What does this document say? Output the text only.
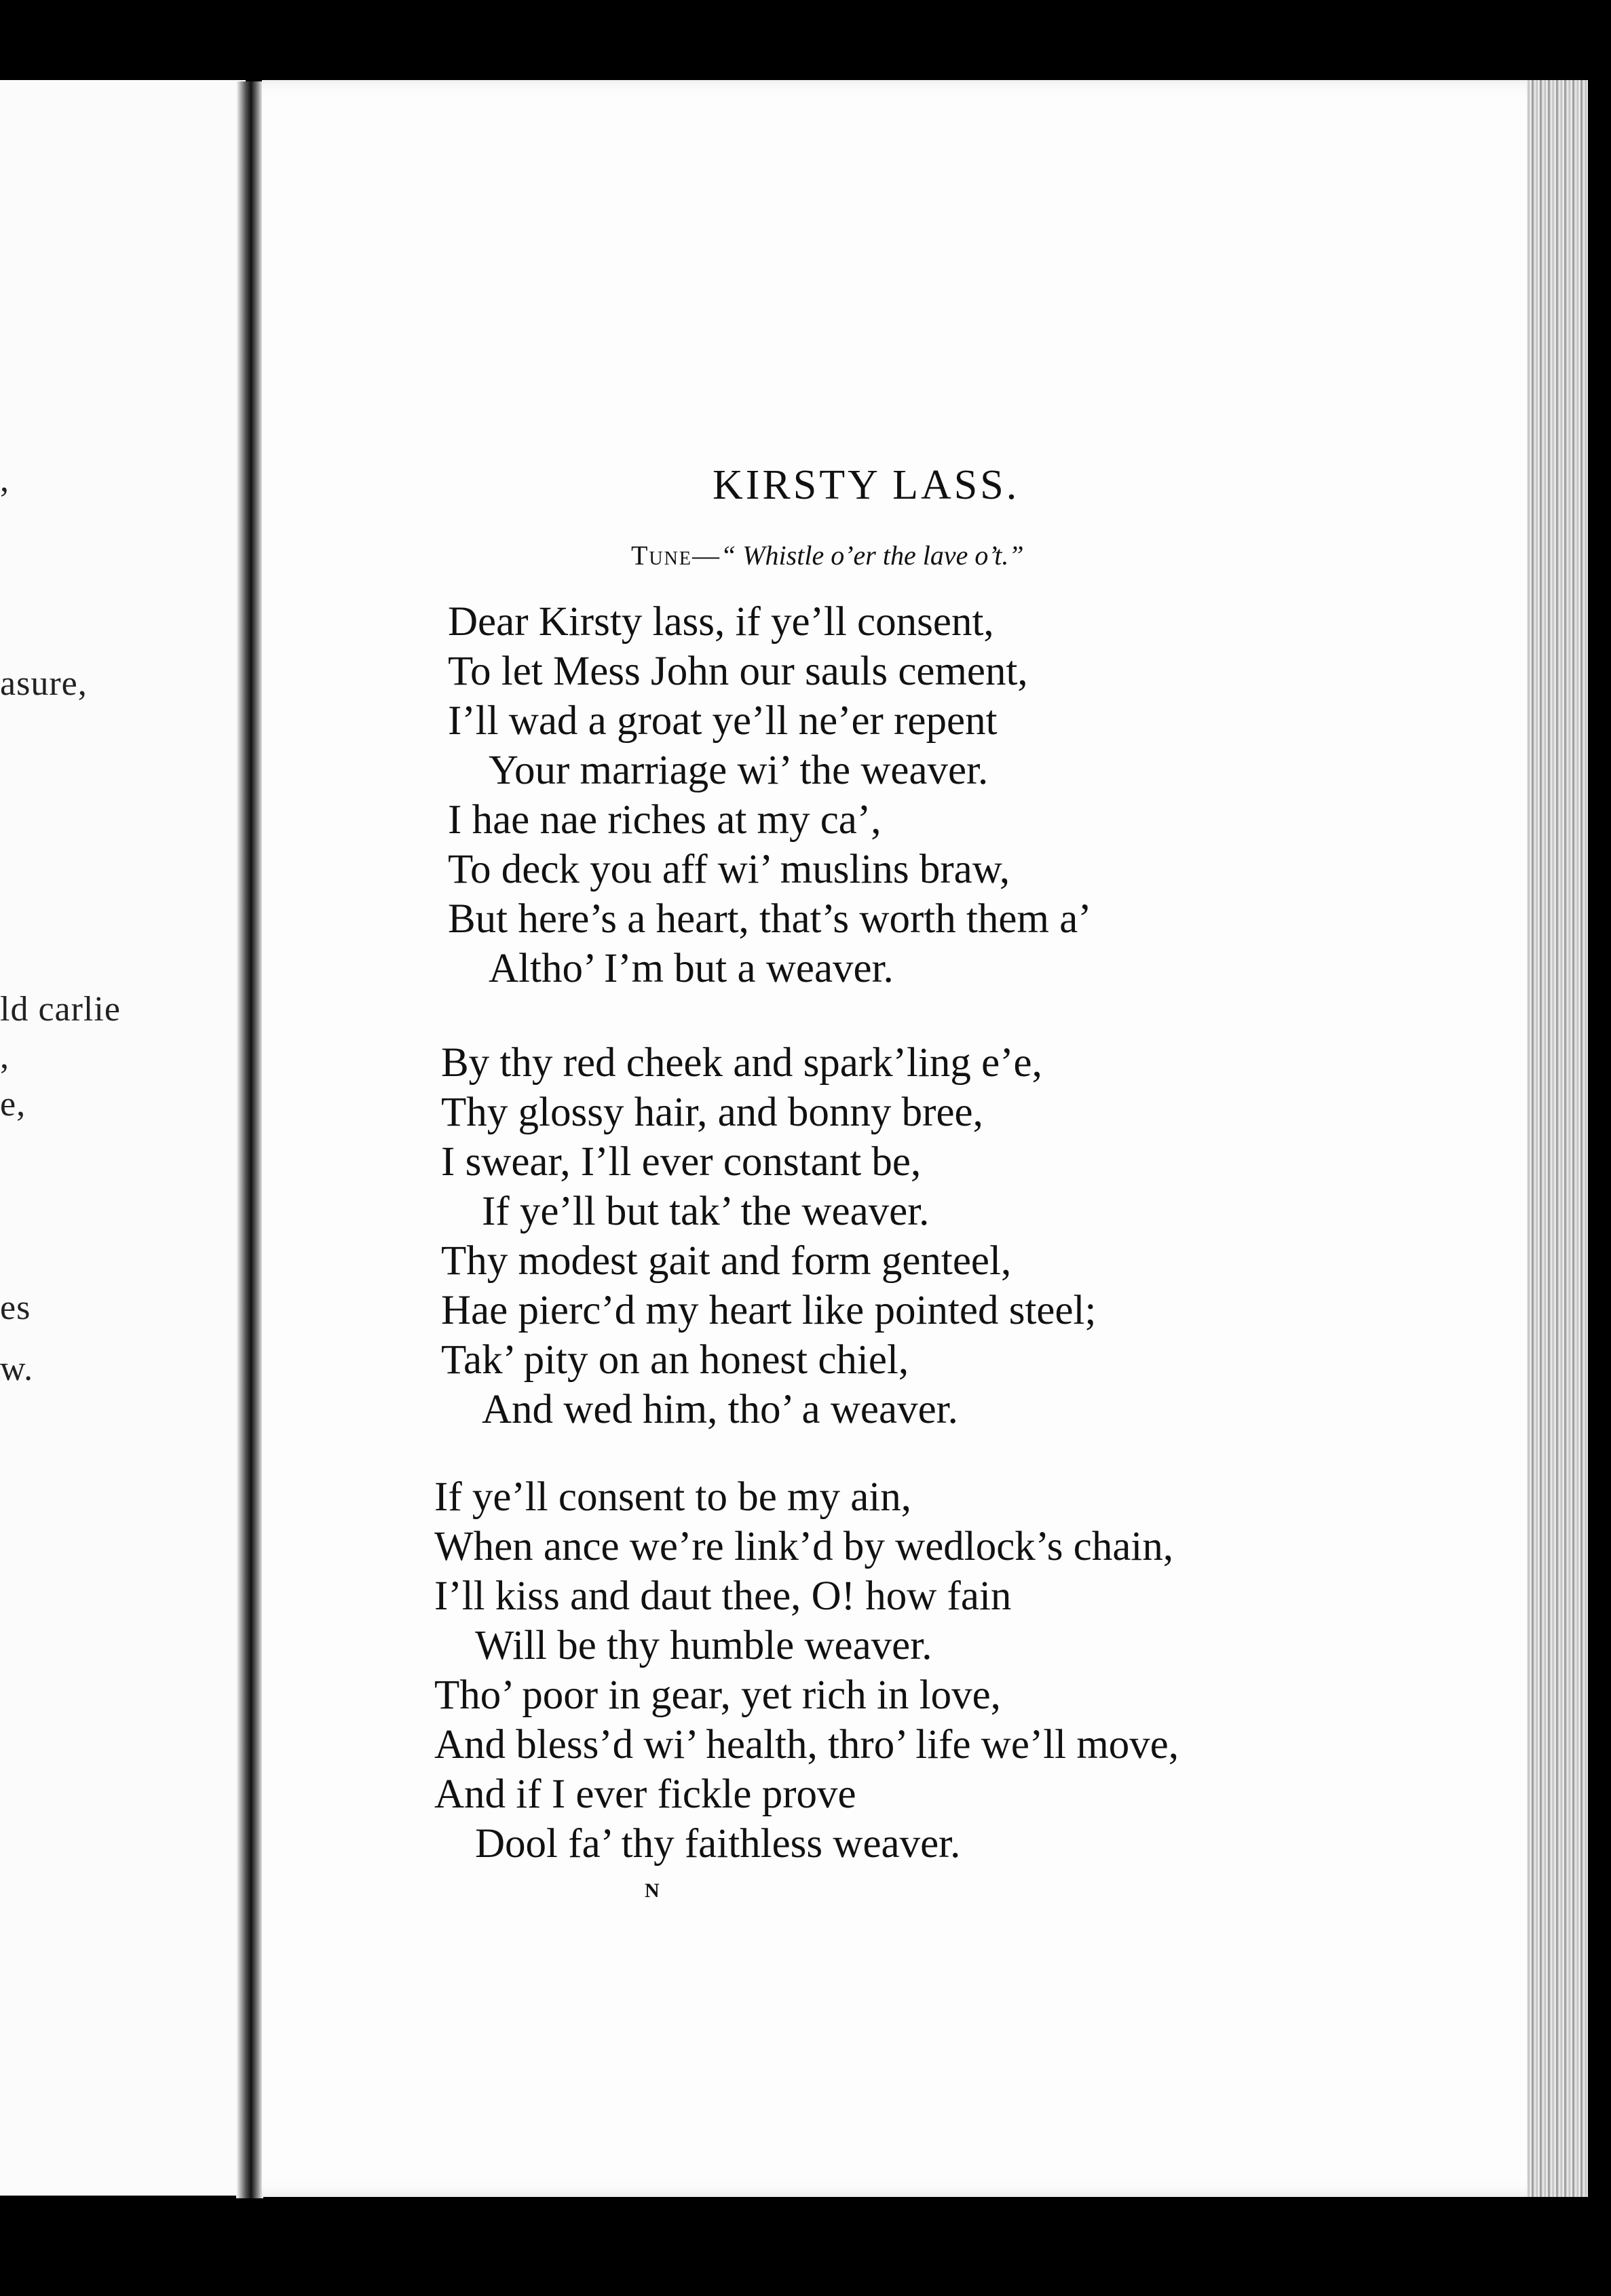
,
asure,
ld carlie
,
e,
es
w.
KIRSTY LASS.
Tune—“ Whistle o’er the lave o’t.”
Dear Kirsty lass, if ye’ll consent,
To let Mess John our sauls cement,
I’ll wad a groat ye’ll ne’er repent
Your marriage wi’ the weaver.
I hae nae riches at my ca’,
To deck you aff wi’ muslins braw,
But here’s a heart, that’s worth them a’
Altho’ I’m but a weaver.
By thy red cheek and spark’ling e’e,
Thy glossy hair, and bonny bree,
I swear, I’ll ever constant be,
If ye’ll but tak’ the weaver.
Thy modest gait and form genteel,
Hae pierc’d my heart like pointed steel;
Tak’ pity on an honest chiel,
And wed him, tho’ a weaver.
If ye’ll consent to be my ain,
When ance we’re link’d by wedlock’s chain,
I’ll kiss and daut thee, O! how fain
Will be thy humble weaver.
Tho’ poor in gear, yet rich in love,
And bless’d wi’ health, thro’ life we’ll move,
And if I ever fickle prove
Dool fa’ thy faithless weaver.
N
